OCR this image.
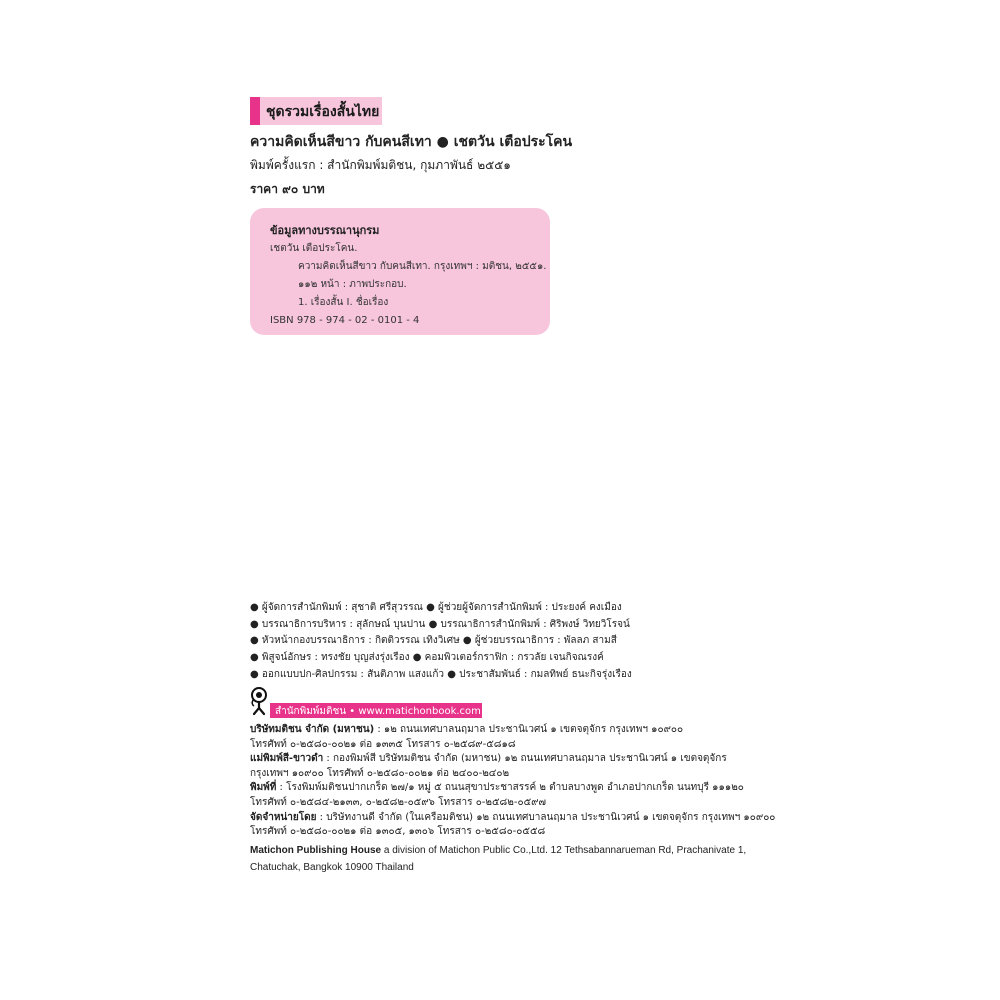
ชุดรวมเรื่องสั้นไทย
ความคิดเห็นสีขาว กับคนสีเทา ● เชตวัน เตือประโคน
พิมพ์ครั้งแรก : สำนักพิมพ์มติชน, กุมภาพันธ์ ๒๕๕๑
ราคา ๙๐ บาท
ข้อมูลทางบรรณานุกรม
เชตวัน เตือประโคน.
ความคิดเห็นสีขาว กับคนสีเทา. กรุงเทพฯ : มติชน, ๒๕๕๑.
๑๑๒ หน้า : ภาพประกอบ.
1. เรื่องสั้น I. ชื่อเรื่อง
ISBN 978 - 974 - 02 - 0101 - 4
● ผู้จัดการสำนักพิมพ์ : สุชาติ ศรีสุวรรณ ● ผู้ช่วยผู้จัดการสำนักพิมพ์ : ประยงค์ คงเมือง
● บรรณาธิการบริหาร : สุลักษณ์ บุนปาน ● บรรณาธิการสำนักพิมพ์ : ศิริพงษ์ วิทยวิโรจน์
● หัวหน้ากองบรรณาธิการ : กิตติวรรณ เทิงวิเศษ ● ผู้ช่วยบรรณาธิการ : พัลลภ สามสี
● พิสูจน์อักษร : ทรงชัย บุญส่งรุ่งเรือง ● คอมพิวเตอร์กราฟิก : กรวลัย เจนกิจณรงค์
● ออกแบบปก-ศิลปกรรม : สันติภาพ แสงแก้ว ● ประชาสัมพันธ์ : กมลทิพย์ ธนะกิจรุ่งเรือง
สำนักพิมพ์มติชน • www.matichonbook.com
บริษัทมติชน จำกัด (มหาชน) : ๑๒ ถนนเทศบาลนฤมาล ประชานิเวศน์ ๑ เขตจตุจักร กรุงเทพฯ ๑๐๙๐๐
โทรศัพท์ ๐-๒๕๘๐-๐๐๒๑ ต่อ ๑๓๓๕ โทรสาร ๐-๒๕๘๙-๕๘๑๘
แม่พิมพ์สี-ขาวดำ : กองพิมพ์สี บริษัทมติชน จำกัด (มหาชน) ๑๒ ถนนเทศบาลนฤมาล ประชานิเวศน์ ๑ เขตจตุจักร
กรุงเทพฯ ๑๐๙๐๐ โทรศัพท์ ๐-๒๕๘๐-๐๐๒๑ ต่อ ๒๔๐๐-๒๔๐๒
พิมพ์ที่ : โรงพิมพ์มติชนปากเกร็ด ๒๗/๑ หมู่ ๕ ถนนสุขาประชาสรรค์ ๒ ตำบลบางพูด อำเภอปากเกร็ด นนทบุรี ๑๑๑๒๐
โทรศัพท์ ๐-๒๕๘๔-๒๑๓๓, ๐-๒๕๘๒-๐๕๙๖ โทรสาร ๐-๒๕๘๒-๐๕๙๗
จัดจำหน่ายโดย : บริษัทงานดี จำกัด (ในเครือมติชน) ๑๒ ถนนเทศบาลนฤมาล ประชานิเวศน์ ๑ เขตจตุจักร กรุงเทพฯ ๑๐๙๐๐
โทรศัพท์ ๐-๒๕๘๐-๐๐๒๑ ต่อ ๑๓๐๕, ๑๓๐๖ โทรสาร ๐-๒๕๘๐-๐๕๕๘
Matichon Publishing House a division of Matichon Public Co.,Ltd. 12 Tethsabannarueman Rd, Prachanivate 1,
Chatuchak, Bangkok 10900 Thailand
